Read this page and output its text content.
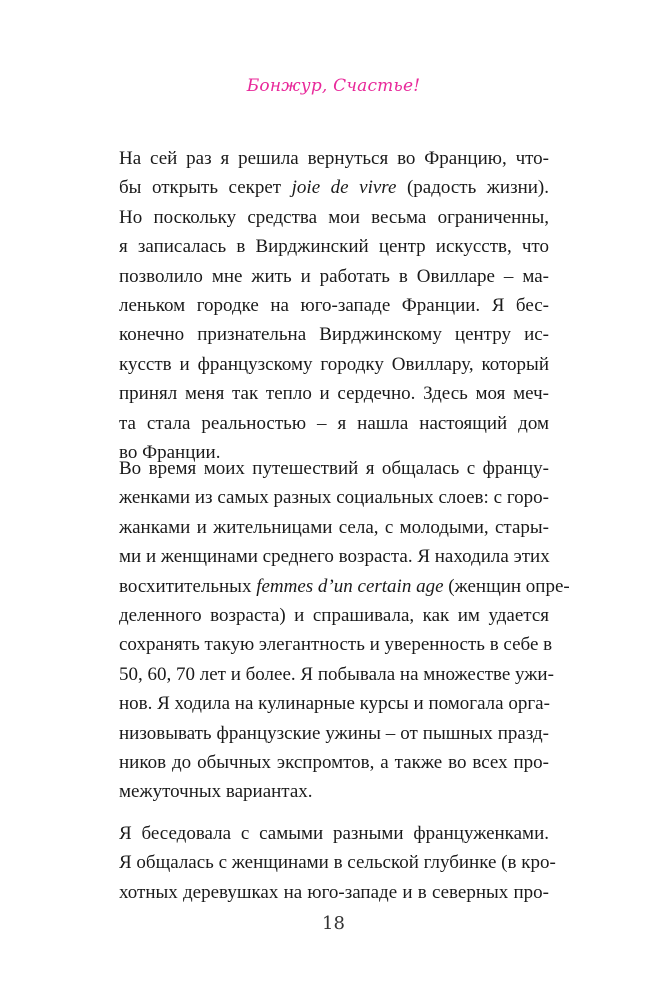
Бонжур, Счастье!
На сей раз я решила вернуться во Францию, что-
бы открыть секрет joie de vivre (радость жизни).
Но поскольку средства мои весьма ограниченны,
я записалась в Вирджинский центр искусств, что
позволило мне жить и работать в Овилларе – ма-
леньком городке на юго-западе Франции. Я бес-
конечно признательна Вирджинскому центру ис-
кусств и французскому городку Овиллару, который
принял меня так тепло и сердечно. Здесь моя меч-
та стала реальностью – я нашла настоящий дом
во Франции.
Во время моих путешествий я общалась с францу-
женками из самых разных социальных слоев: с горо-
жанками и жительницами села, с молодыми, стары-
ми и женщинами среднего возраста. Я находила этих
восхитительных femmes d’un certain age (женщин опре-
деленного возраста) и спрашивала, как им удается
сохранять такую элегантность и уверенность в себе в
50, 60, 70 лет и более. Я побывала на множестве ужи-
нов. Я ходила на кулинарные курсы и помогала орга-
низовывать французские ужины – от пышных празд-
ников до обычных экспромтов, а также во всех про-
межуточных вариантах.
Я беседовала с самыми разными француженками.
Я общалась с женщинами в сельской глубинке (в кро-
хотных деревушках на юго-западе и в северных про-
18
